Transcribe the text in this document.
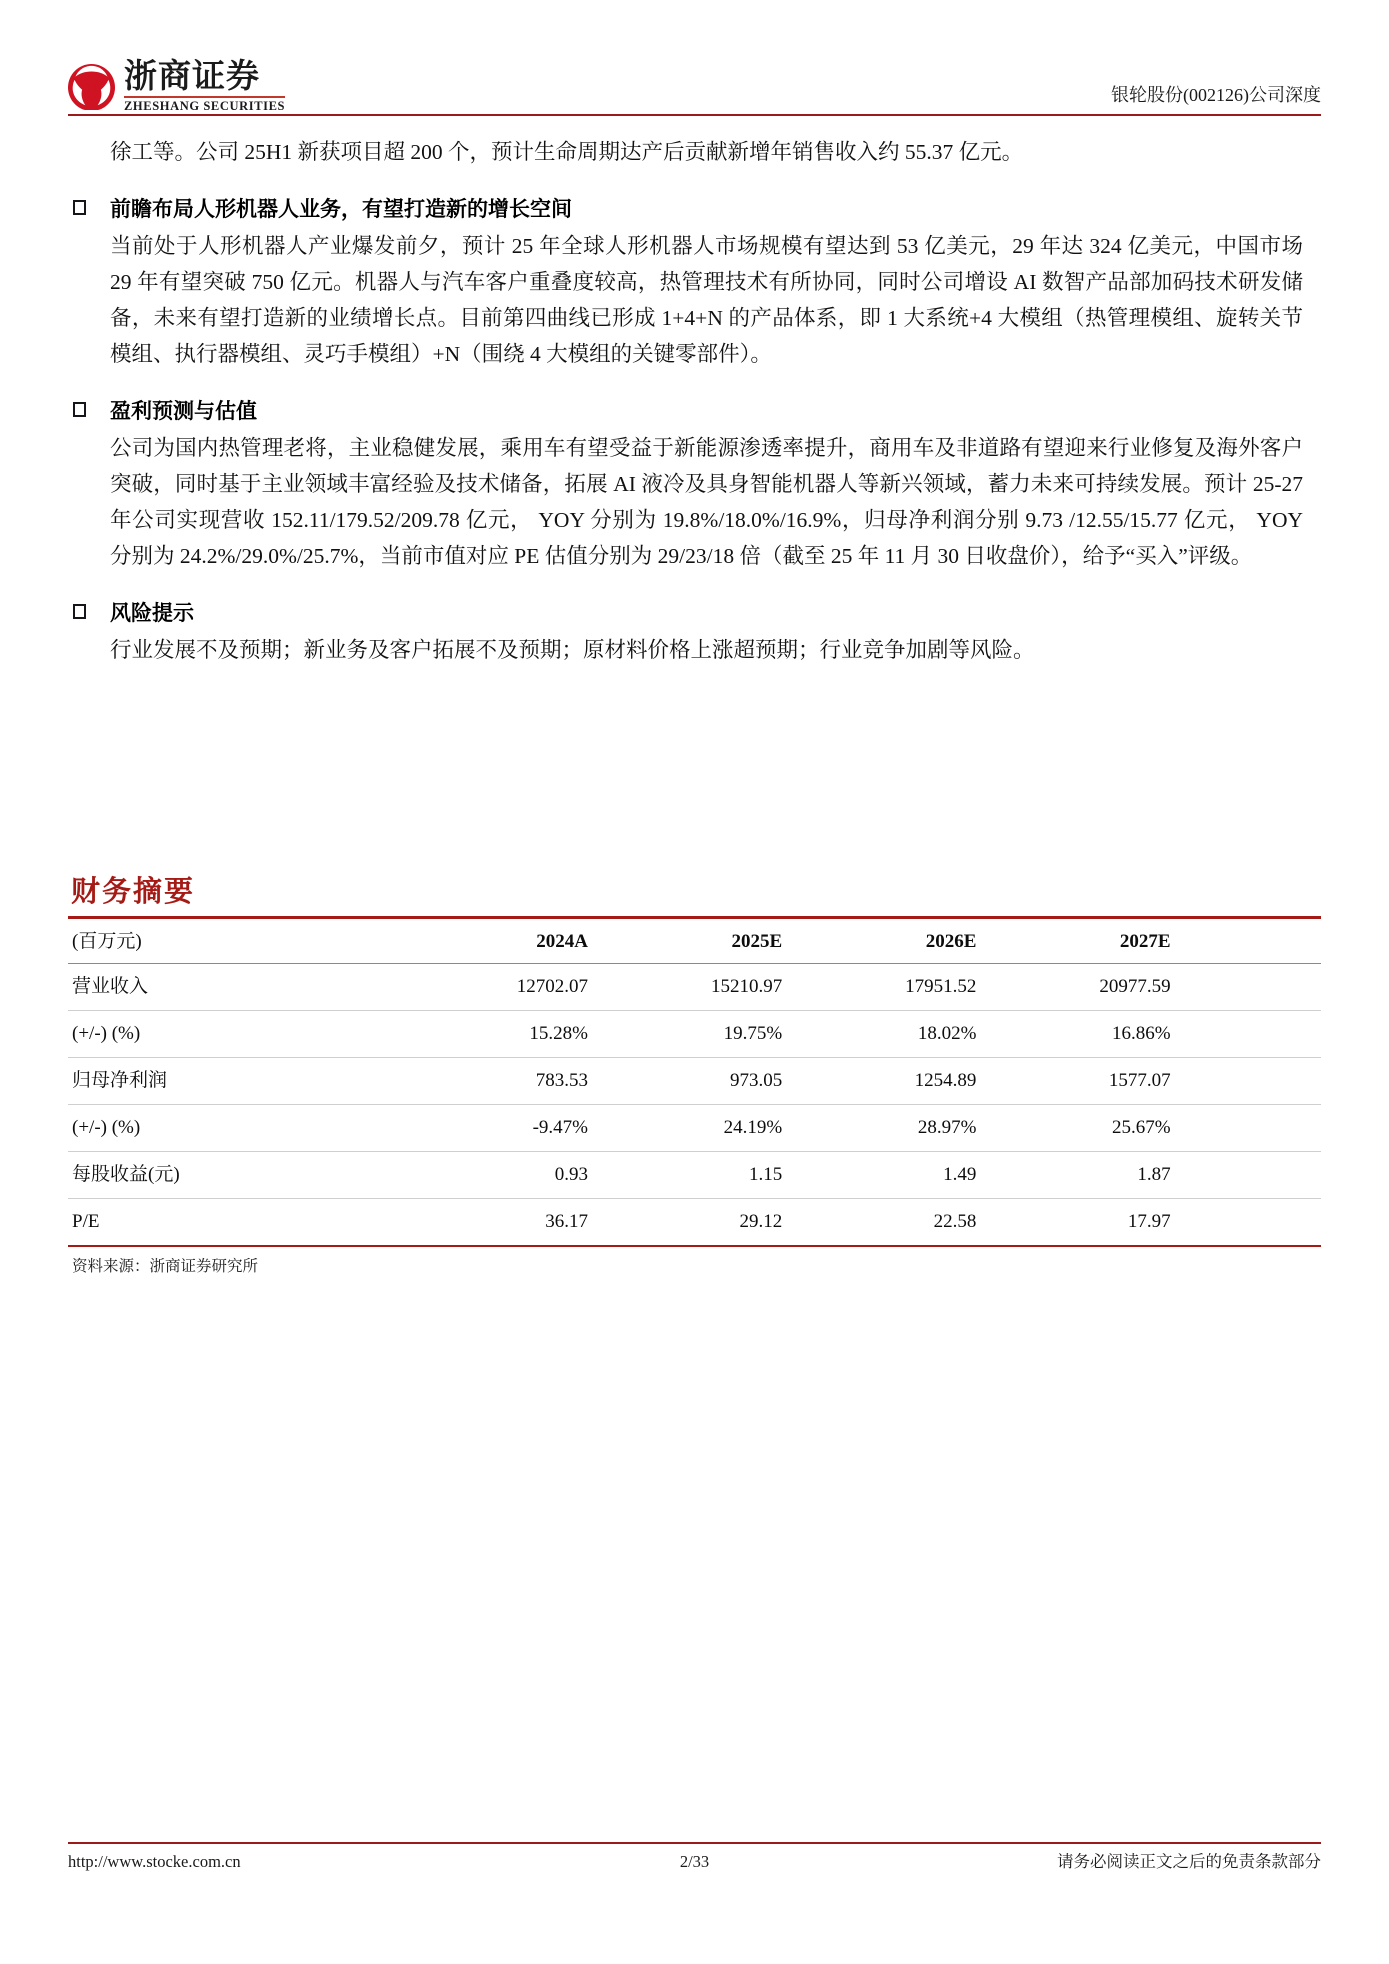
浙商证券
ZHESHANG SECURITIES
银轮股份(002126)公司深度

徐工等。公司 25H1 新获项目超 200 个，预计生命周期达产后贡献新增年销售收入约 55.37 亿元。

前瞻布局人形机器人业务，有望打造新的增长空间

当前处于人形机器人产业爆发前夕，预计 25 年全球人形机器人市场规模有望达到 53 亿美元，29 年达 324 亿美元，中国市场 29 年有望突破 750 亿元。机器人与汽车客户重叠度较高，热管理技术有所协同，同时公司增设 AI 数智产品部加码技术研发储备，未来有望打造新的业绩增长点。目前第四曲线已形成 1+4+N 的产品体系，即 1 大系统+4 大模组（热管理模组、旋转关节模组、执行器模组、灵巧手模组）+N（围绕 4 大模组的关键零部件）。

盈利预测与估值

公司为国内热管理老将，主业稳健发展，乘用车有望受益于新能源渗透率提升，商用车及非道路有望迎来行业修复及海外客户突破，同时基于主业领域丰富经验及技术储备，拓展 AI 液冷及具身智能机器人等新兴领域，蓄力未来可持续发展。预计 25-27 年公司实现营收 152.11/179.52/209.78 亿元， YOY 分别为 19.8%/18.0%/16.9%，归母净利润分别 9.73 /12.55/15.77 亿元， YOY 分别为 24.2%/29.0%/25.7%，当前市值对应 PE 估值分别为 29/23/18 倍（截至 25 年 11 月 30 日收盘价），给予“买入”评级。

风险提示

行业发展不及预期；新业务及客户拓展不及预期；原材料价格上涨超预期；行业竞争加剧等风险。

财务摘要
(百万元)	2024A	2025E	2026E	2027E	
营业收入	12702.07	15210.97	17951.52	20977.59	
(+/-) (%)	15.28%	19.75%	18.02%	16.86%	
归母净利润	783.53	973.05	1254.89	1577.07	
(+/-) (%)	-9.47%	24.19%	28.97%	25.67%	
每股收益(元)	0.93	1.15	1.49	1.87	
P/E	36.17	29.12	22.58	17.97	
资料来源：浙商证券研究所
http://www.stocke.com.cn	2/33	请务必阅读正文之后的免责条款部分
